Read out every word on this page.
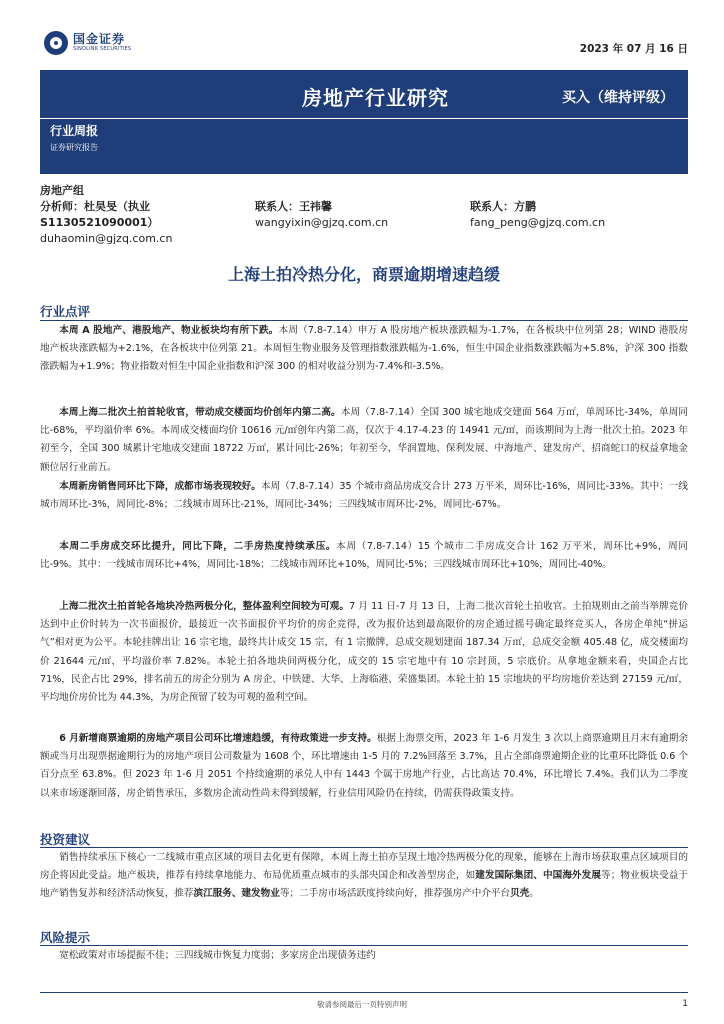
国金证券
SINOLINK SECURITIES	2023 年 07 月 16 日
房地产行业研究	买入（维持评级）
行业周报
证券研究报告
房地产组
分析师：杜昊旻（执业 S1130521090001）
duhaomin@gjzq.com.cn
联系人：王祎馨
wangyixin@gjzq.com.cn
联系人：方鹏
fang_peng@gjzq.com.cn
上海土拍冷热分化，商票逾期增速趋缓
行业点评
本周 A 股地产、港股地产、物业板块均有所下跌。本周（7.8-7.14）申万 A 股房地产板块涨跌幅为-1.7%，在各板块中位列第 28；WIND 港股房地产板块涨跌幅为+2.1%，在各板块中位列第 21。本周恒生物业服务及管理指数涨跌幅为-1.6%，恒生中国企业指数涨跌幅为+5.8%，沪深 300 指数涨跌幅为+1.9%；物业指数对恒生中国企业指数和沪深 300 的相对收益分别为-7.4%和-3.5%。
本周上海二批次土拍首轮收官，带动成交楼面均价创年内第二高。本周（7.8-7.14）全国 300 城宅地成交建面 564 万㎡，单周环比-34%，单周同比-68%，平均溢价率 6%。本周成交楼面均价 10616 元/㎡创年内第二高，仅次于 4.17-4.23 的 14941 元/㎡，而该期间为上海一批次土拍。2023 年初至今，全国 300 城累计宅地成交建面 18722 万㎡，累计同比-26%；年初至今，华润置地、保利发展、中海地产、建发房产、招商蛇口的权益拿地金额位居行业前五。
本周新房销售同环比下降，成都市场表现较好。本周（7.8-7.14）35 个城市商品房成交合计 273 万平米，周环比-16%，周同比-33%。其中：一线城市周环比-3%，周同比-8%；二线城市周环比-21%，周同比-34%；三四线城市周环比-2%，周同比-67%。
本周二手房成交环比提升，同比下降，二手房热度持续承压。本周（7.8-7.14）15 个城市二手房成交合计 162 万平米，周环比+9%，周同比-9%。其中：一线城市周环比+4%，周同比-18%；二线城市周环比+10%，周同比-5%；三四线城市周环比+10%，周同比-40%。
上海二批次土拍首轮各地块冷热两极分化，整体盈利空间较为可观。7 月 11 日-7 月 13 日，上海二批次首轮土拍收官。土拍规则由之前当举牌竞价达到中止价时转为一次书面报价，最接近一次书面报价平均价的房企竞得，改为报价达到最高限价的房企通过摇号确定最终竞买人，各房企单纯“拼运气”相对更为公平。本轮挂牌出让 16 宗宅地，最终共计成交 15 宗，有 1 宗撤牌，总成交规划建面 187.34 万㎡，总成交金额 405.48 亿，成交楼面均价 21644 元/㎡，平均溢价率 7.82%。本轮土拍各地块间两极分化，成交的 15 宗宅地中有 10 宗封顶，5 宗底价。从拿地金额来看，央国企占比 71%，民企占比 29%，排名前五的房企分别为 A 房企、中铁建、大华、上海临港、荣盛集团。本轮土拍 15 宗地块的平均房地价差达到 27159 元/㎡，平均地价房价比为 44.3%，为房企预留了较为可观的盈利空间。
6 月新增商票逾期的房地产项目公司环比增速趋缓，有待政策进一步支持。根据上海票交所，2023 年 1-6 月发生 3 次以上商票逾期且月末有逾期余额或当月出现票据逾期行为的房地产项目公司数量为 1608 个，环比增速由 1-5 月的 7.2%回落至 3.7%，且占全部商票逾期企业的比重环比降低 0.6 个百分点至 63.8%。但 2023 年 1-6 月 2051 个持续逾期的承兑人中有 1443 个属于房地产行业，占比高达 70.4%，环比增长 7.4%。我们认为二季度以来市场逐渐回落，房企销售承压，多数房企流动性尚未得到缓解，行业信用风险仍在持续，仍需获得政策支持。
投资建议
销售持续承压下核心一二线城市重点区域的项目去化更有保障，本周上海土拍亦呈现土地冷热两极分化的现象，能够在上海市场获取重点区域项目的房企将因此受益。地产板块，推荐有持续拿地能力、布局优质重点城市的头部央国企和改善型房企，如建发国际集团、中国海外发展等；物业板块受益于地产销售复苏和经济活动恢复，推荐滨江服务、建发物业等；二手房市场活跃度持续向好，推荐强房产中介平台贝壳。
风险提示
宽松政策对市场提振不佳；三四线城市恢复力度弱；多家房企出现债务违约
敬请参阅最后一页特别声明	1
